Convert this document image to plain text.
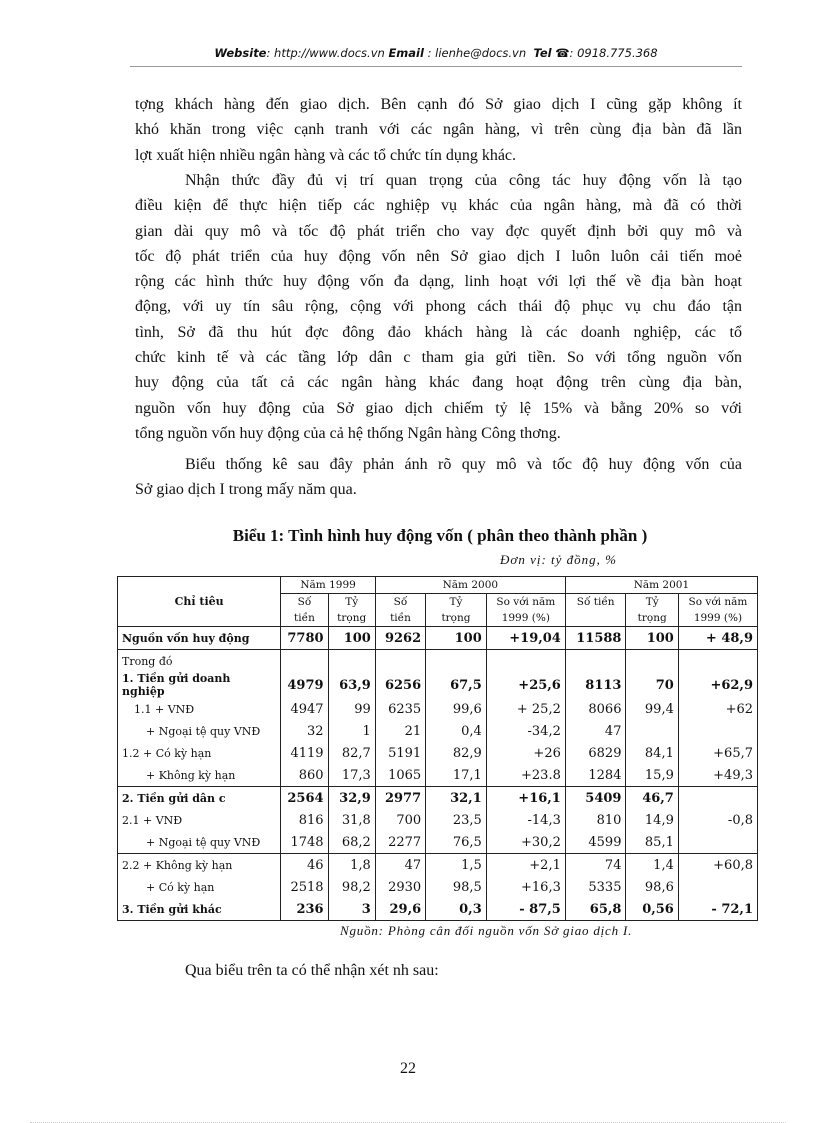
Website: http://www.docs.vn Email : lienhe@docs.vn Tel ☎: 0918.775.368
tợng khách hàng đến giao dịch. Bên cạnh đó Sở giao dịch I cũng gặp không ít
khó khăn trong việc cạnh tranh với các ngân hàng, vì trên cùng địa bàn đã lần
lợt xuất hiện nhiều ngân hàng và các tổ chức tín dụng khác.
Nhận thức đầy đủ vị trí quan trọng của công tác huy động vốn là tạo
điều kiện để thực hiện tiếp các nghiệp vụ khác của ngân hàng, mà đã có thời
gian dài quy mô và tốc độ phát triển cho vay đợc quyết định bởi quy mô và
tốc độ phát triển của huy động vốn nên Sở giao dịch I luôn luôn cải tiến moẻ
rộng các hình thức huy động vốn đa dạng, linh hoạt với lợi thế về địa bàn hoạt
động, với uy tín sâu rộng, cộng với phong cách thái độ phục vụ chu đáo tận
tình, Sở đã thu hút đợc đông đảo khách hàng là các doanh nghiệp, các tổ
chức kinh tế và các tầng lớp dân c tham gia gửi tiền. So với tổng nguồn vốn
huy động của tất cả các ngân hàng khác đang hoạt động trên cùng địa bàn,
nguồn vốn huy động của Sở giao dịch chiếm tỷ lệ 15% và bằng 20% so với
tổng nguồn vốn huy động của cả hệ thống Ngân hàng Công thơng.
Biểu thống kê sau đây phản ánh rõ quy mô và tốc độ huy động vốn của
Sở giao dịch I trong mấy năm qua.
Biểu 1: Tình hình huy động vốn ( phân theo thành phần )
Đơn vị: tỷ đồng, %
Chỉ tiêu	Năm 1999		Năm 2000			Năm 2001		
	Số	Tỷ	Số	Tỷ	So với năm	Số tiền	Tỷ	So với năm
	tiền	trọng	tiền	trọng	1999 (%)		trọng	1999 (%)
Nguồn vốn huy động	7780	100	9262	100	+19,04	11588	100	+ 48,9
Trong đó								
1. Tiền gửi doanh nghiệp	4979	63,9	6256	67,5	+25,6	8113	70	+62,9
1.1 + VNĐ	4947	99	6235	99,6	+ 25,2	8066	99,4	+62
+ Ngoại tệ quy VNĐ	32	1	21	0,4	-34,2	47		
1.2 + Có kỳ hạn	4119	82,7	5191	82,9	+26	6829	84,1	+65,7
+ Không kỳ hạn	860	17,3	1065	17,1	+23.8	1284	15,9	+49,3
2. Tiền gửi dân c	2564	32,9	2977	32,1	+16,1	5409	46,7	
2.1 + VNĐ	816	31,8	700	23,5	-14,3	810	14,9	-0,8
+ Ngoại tệ quy VNĐ	1748	68,2	2277	76,5	+30,2	4599	85,1	
2.2 + Không kỳ hạn	46	1,8	47	1,5	+2,1	74	1,4	+60,8
+ Có kỳ hạn	2518	98,2	2930	98,5	+16,3	5335	98,6	
3. Tiền gửi khác	236	3	29,6	0,3	- 87,5	65,8	0,56	- 72,1
Nguồn: Phòng cân đối nguồn vốn Sở giao dịch I.
Qua biểu trên ta có thể nhận xét nh sau:
22
